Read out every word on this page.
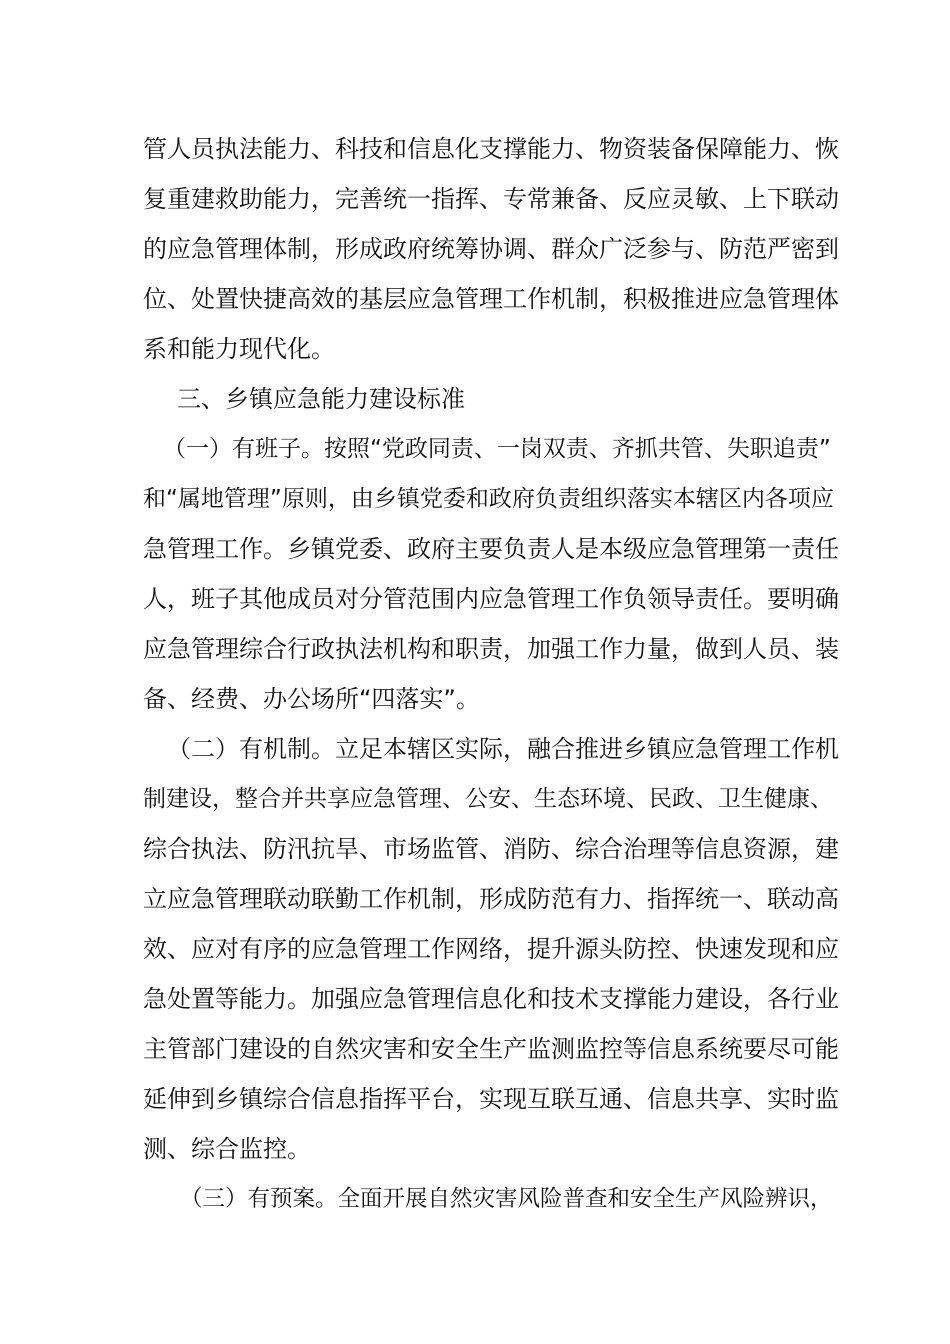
管人员执法能力、科技和信息化支撑能力、物资装备保障能力、恢
复重建救助能力，完善统一指挥、专常兼备、反应灵敏、上下联动
的应急管理体制，形成政府统筹协调、群众广泛参与、防范严密到
位、处置快捷高效的基层应急管理工作机制，积极推进应急管理体
系和能力现代化。
三、乡镇应急能力建设标准
（一）有班子。按照“党政同责、一岗双责、齐抓共管、失职追责”
和“属地管理”原则，由乡镇党委和政府负责组织落实本辖区内各项应
急管理工作。乡镇党委、政府主要负责人是本级应急管理第一责任
人，班子其他成员对分管范围内应急管理工作负领导责任。要明确
应急管理综合行政执法机构和职责，加强工作力量，做到人员、装
备、经费、办公场所“四落实”。
（二）有机制。立足本辖区实际，融合推进乡镇应急管理工作机
制建设，整合并共享应急管理、公安、生态环境、民政、卫生健康、
综合执法、防汛抗旱、市场监管、消防、综合治理等信息资源，建
立应急管理联动联勤工作机制，形成防范有力、指挥统一、联动高
效、应对有序的应急管理工作网络，提升源头防控、快速发现和应
急处置等能力。加强应急管理信息化和技术支撑能力建设，各行业
主管部门建设的自然灾害和安全生产监测监控等信息系统要尽可能
延伸到乡镇综合信息指挥平台，实现互联互通、信息共享、实时监
测、综合监控。
（三）有预案。全面开展自然灾害风险普查和安全生产风险辨识，
